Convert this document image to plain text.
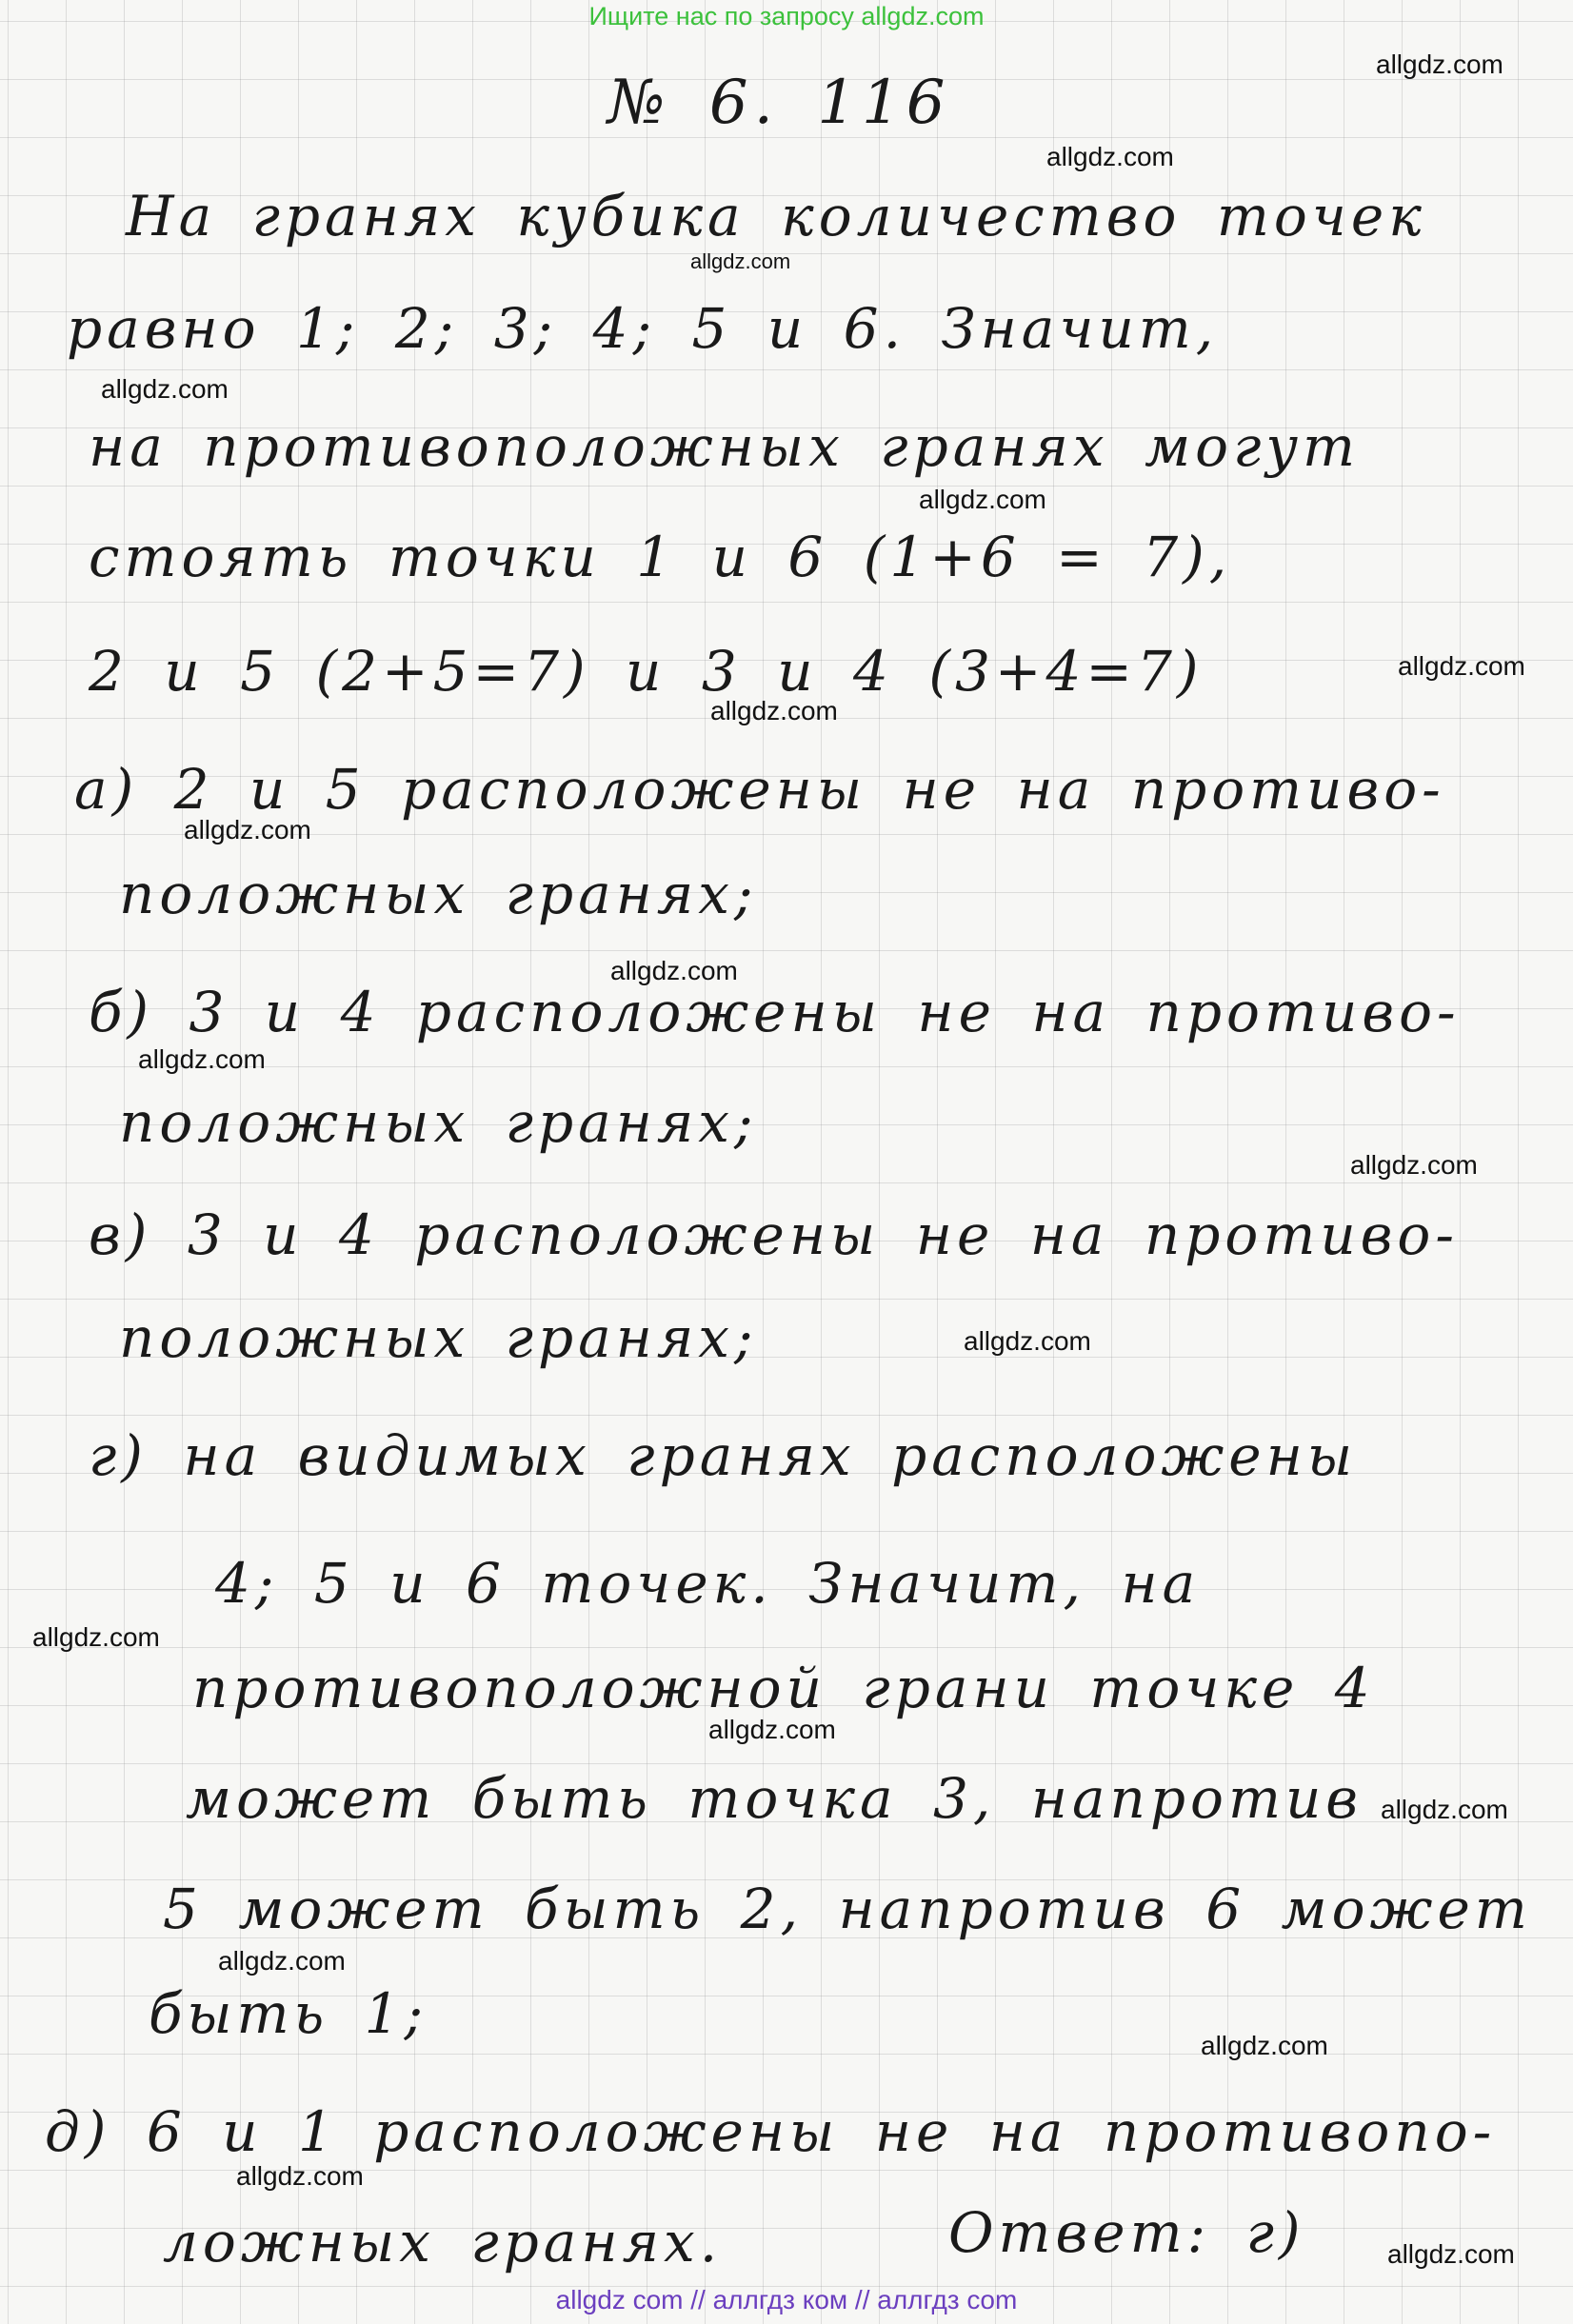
Ищите нас по запросу allgdz.com
№ 6. 116
На гранях кубика количество точек
равно 1; 2; 3; 4; 5 и 6. Значит,
на противоположных гранях могут
стоять точки 1 и 6 (1+6 = 7),
2 и 5 (2+5=7) и 3 и 4 (3+4=7)
а) 2 и 5 расположены не на противо-
положных гранях;
б) 3 и 4 расположены не на противо-
положных гранях;
в) 3 и 4 расположены не на противо-
положных гранях;
г) на видимых гранях расположены
4; 5 и 6 точек. Значит, на
противоположной грани точке 4
может быть точка 3, напротив
5 может быть 2, напротив 6 может
быть 1;
д) 6 и 1 расположены не на противопо-
ложных гранях.	Ответ: г)
allgdz.com
allgdz.com
allgdz.com
allgdz.com
allgdz.com
allgdz.com
allgdz.com
allgdz.com
allgdz.com
allgdz.com
allgdz.com
allgdz.com
allgdz.com
allgdz.com
allgdz.com
allgdz.com
allgdz.com
allgdz.com
allgdz.com
allgdz com // аллгдз ком // аллгдз com
